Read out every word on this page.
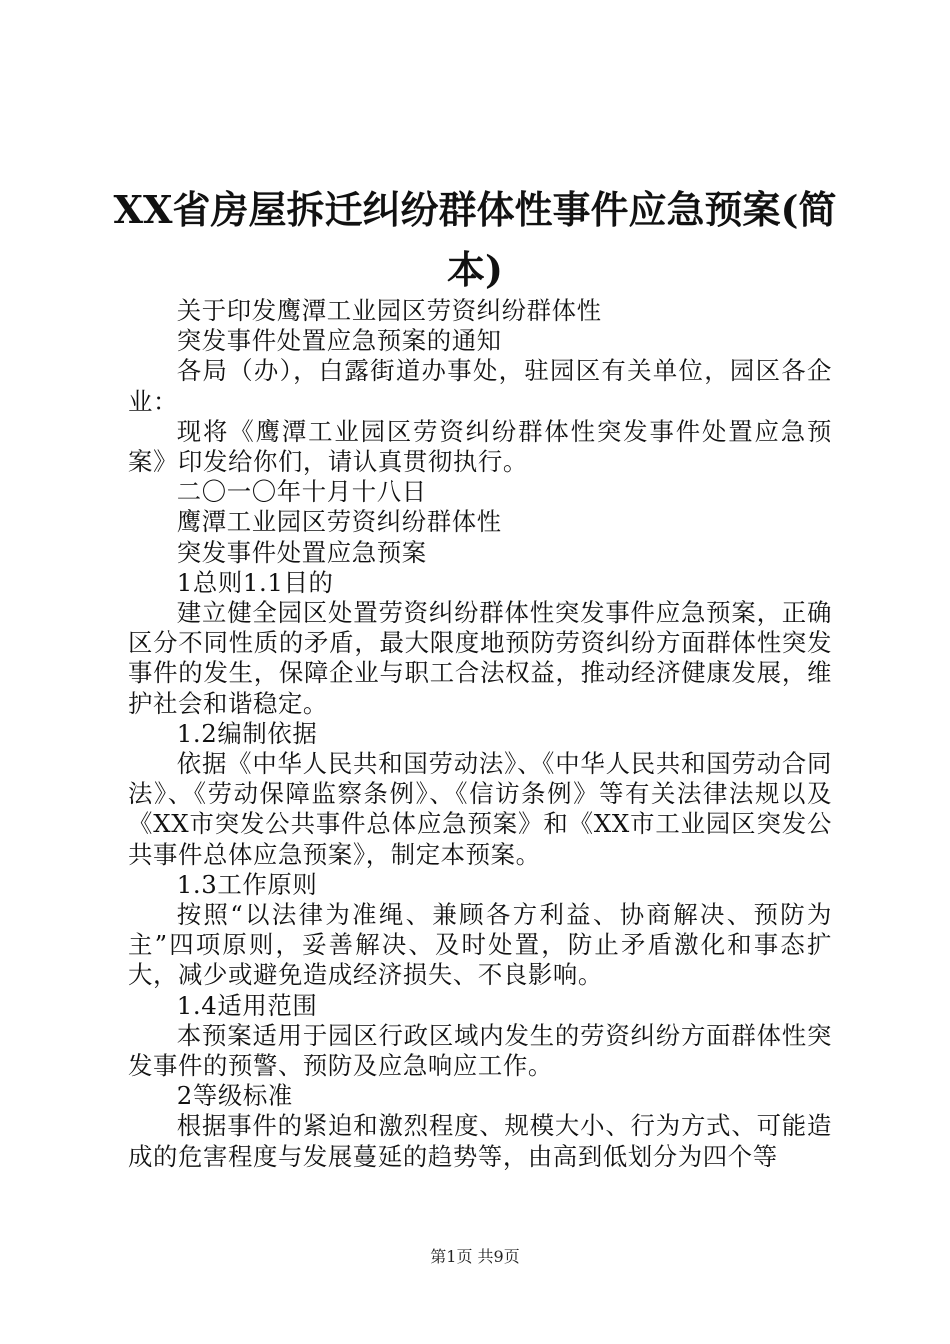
XX省房屋拆迁纠纷群体性事件应急预案(简本)

关于印发鹰潭工业园区劳资纠纷群体性

突发事件处置应急预案的通知

各局（办），白露街道办事处，驻园区有关单位，园区各企业：

现将《鹰潭工业园区劳资纠纷群体性突发事件处置应急预案》印发给你们，请认真贯彻执行。

二〇一〇年十月十八日

鹰潭工业园区劳资纠纷群体性

突发事件处置应急预案

1总则1.1目的

建立健全园区处置劳资纠纷群体性突发事件应急预案，正确区分不同性质的矛盾，最大限度地预防劳资纠纷方面群体性突发事件的发生，保障企业与职工合法权益，推动经济健康发展，维护社会和谐稳定。

1.2编制依据

依据《中华人民共和国劳动法》、《中华人民共和国劳动合同法》、《劳动保障监察条例》、《信访条例》等有关法律法规以及《XX市突发公共事件总体应急预案》和《XX市工业园区突发公共事件总体应急预案》，制定本预案。

1.3工作原则

按照“以法律为准绳、兼顾各方利益、协商解决、预防为主”四项原则，妥善解决、及时处置，防止矛盾激化和事态扩大，减少或避免造成经济损失、不良影响。

1.4适用范围

本预案适用于园区行政区域内发生的劳资纠纷方面群体性突发事件的预警、预防及应急响应工作。

2等级标准

根据事件的紧迫和激烈程度、规模大小、行为方式、可能造成的危害程度与发展蔓延的趋势等，由高到低划分为四个等

第1页 共9页
